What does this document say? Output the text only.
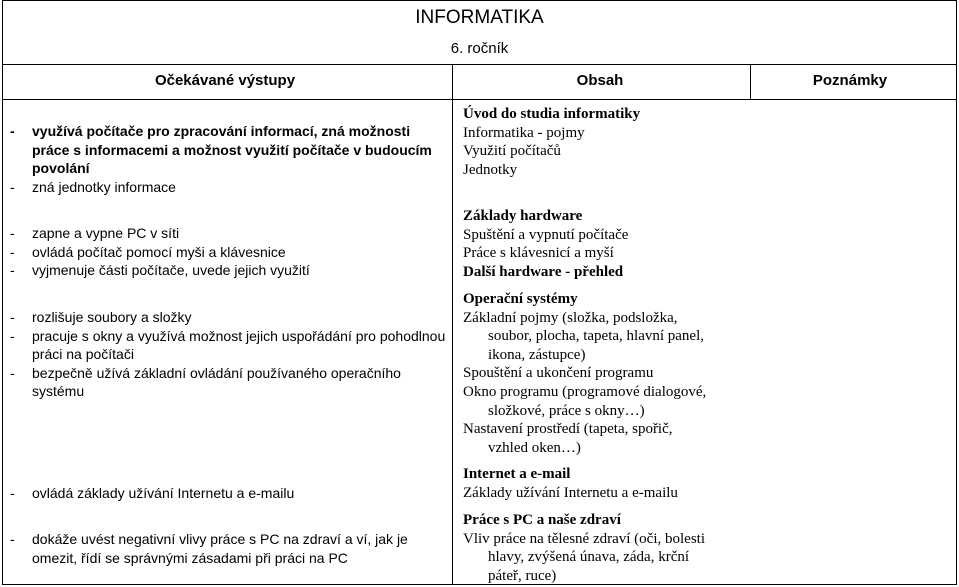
INFORMATIKA
6. ročník
Očekávané výstupy	Obsah	Poznámky
- využívá počítače pro zpracování informací, zná možnosti práce s informacemi a možnost využití počítače v budoucím povolání
- zná jednotky informace
- zapne a vypne PC v síti
- ovládá počítač pomocí myši a klávesnice
- vyjmenuje části počítače, uvede jejich využití
- rozlišuje soubory a složky
- pracuje s okny a využívá možnost jejich uspořádání pro pohodlnou práci na počítači
- bezpečně užívá základní ovládání používaného operačního systému
- ovládá základy užívání Internetu a e-mailu
- dokáže uvést negativní vlivy práce s PC na zdraví a ví, jak je omezit, řídí se správnými zásadami při práci na PC
Úvod do studia informatiky
Informatika - pojmy
Využití počítačů
Jednotky
Základy hardware
Spuštění a vypnutí počítače
Práce s klávesnicí a myší
Další hardware - přehled
Operační systémy
Základní pojmy (složka, podsložka,
soubor, plocha, tapeta, hlavní panel,
ikona, zástupce)
Spouštění a ukončení programu
Okno programu (programové dialogové,
složkové, práce s okny…)
Nastavení prostředí (tapeta, spořič,
vzhled oken…)
Internet a e-mail
Základy užívání Internetu a e-mailu
Práce s PC a naše zdraví
Vliv práce na tělesné zdraví (oči, bolesti
hlavy, zvýšená únava, záda, krční
páteř, ruce)
